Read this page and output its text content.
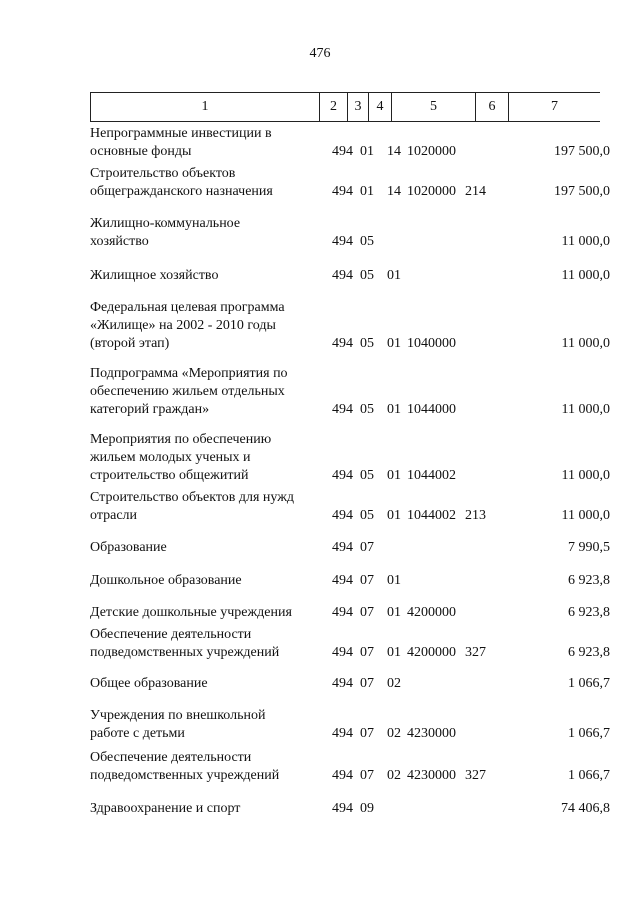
476
1	2	3	4	5	6	7
Непрограммные инвестиции в
основные фонды	494 01 14 1020000	197 500,0
Строительство объектов
общегражданского назначения	494 01 14 1020000 214	197 500,0
Жилищно-коммунальное
хозяйство	494 05	11 000,0
Жилищное хозяйство	494 05 01	11 000,0
Федеральная целевая программа
«Жилище» на 2002 - 2010 годы
(второй этап)	494 05 01 1040000	11 000,0
Подпрограмма «Мероприятия по
обеспечению жильем отдельных
категорий граждан»	494 05 01 1044000	11 000,0
Мероприятия по обеспечению
жильем молодых ученых и
строительство общежитий	494 05 01 1044002	11 000,0
Строительство объектов для нужд
отрасли	494 05 01 1044002 213	11 000,0
Образование	494 07	7 990,5
Дошкольное образование	494 07 01	6 923,8
Детские дошкольные учреждения	494 07 01 4200000	6 923,8
Обеспечение деятельности
подведомственных учреждений	494 07 01 4200000 327	6 923,8
Общее образование	494 07 02	1 066,7
Учреждения по внешкольной
работе с детьми	494 07 02 4230000	1 066,7
Обеспечение деятельности
подведомственных учреждений	494 07 02 4230000 327	1 066,7
Здравоохранение и спорт	494 09	74 406,8
